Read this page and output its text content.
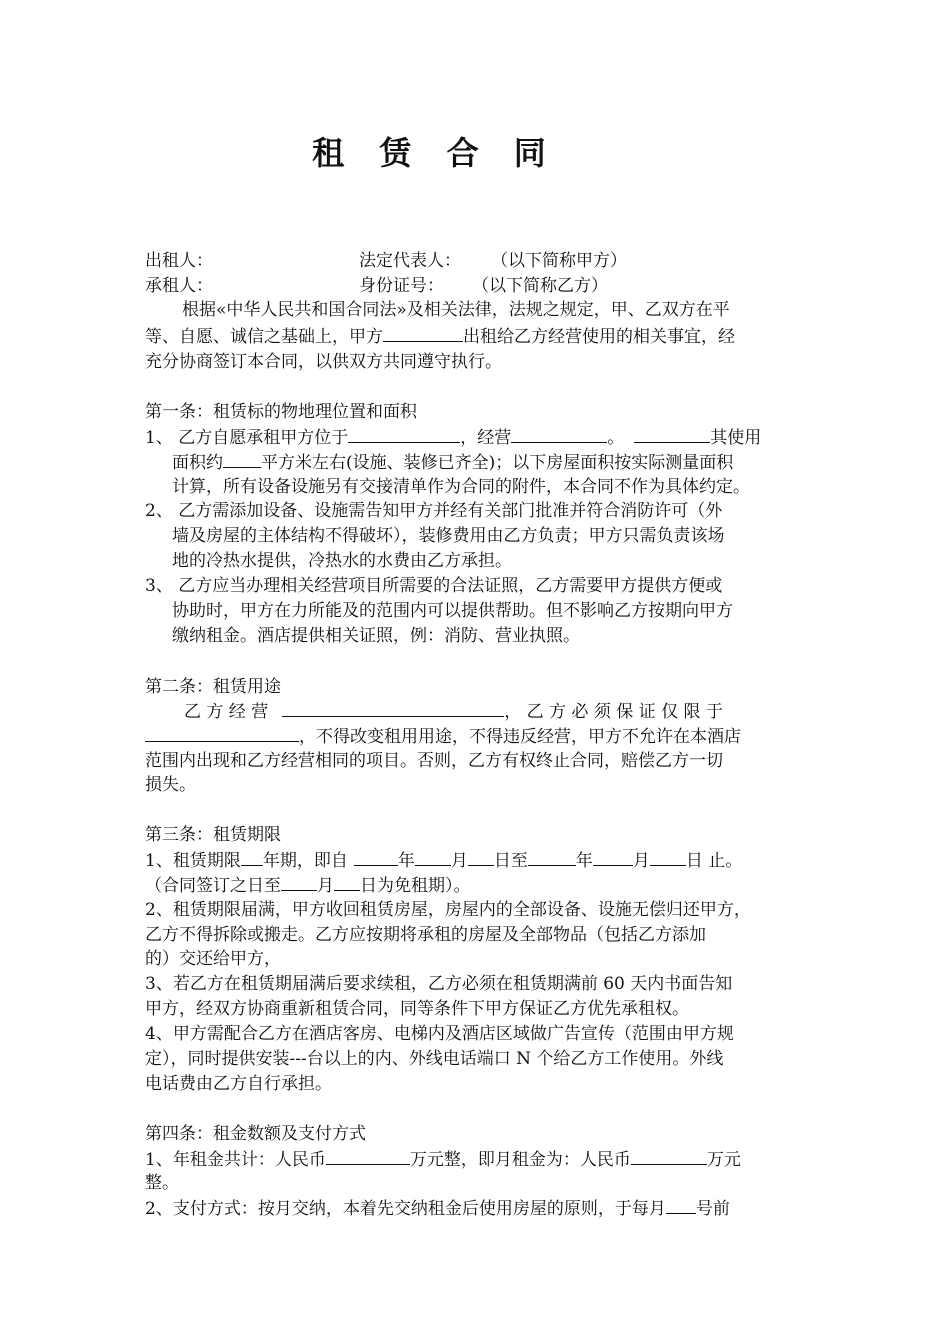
租 赁 合 同
出租人：	法定代表人： （以下简称甲方）
承租人：	身份证号： （以下简称乙方）
根据«中华人民共和国合同法»及相关法律，法规之规定，甲、乙双方在平
等、自愿、诚信之基础上，甲方	出租给乙方经营使用的相关事宜，经
充分协商签订本合同，以供双方共同遵守执行。
第一条：租赁标的物地理位置和面积
1、 乙方自愿承租甲方位于	，经营	。	其使用
面积约 平方米左右(设施、装修已齐全)；以下房屋面积按实际测量面积
计算，所有设备设施另有交接清单作为合同的附件，本合同不作为具体约定。
2、 乙方需添加设备、设施需告知甲方并经有关部门批准并符合消防许可（外
墙及房屋的主体结构不得破坏），装修费用由乙方负责；甲方只需负责该场
地的冷热水提供，冷热水的水费由乙方承担。
3、 乙方应当办理相关经营项目所需要的合法证照，乙方需要甲方提供方便或
协助时，甲方在力所能及的范围内可以提供帮助。但不影响乙方按期向甲方
缴纳租金。酒店提供相关证照，例：消防、营业执照。
第二条：租赁用途
乙 方 经 营	， 乙 方 必 须 保 证 仅 限 于
，不得改变租用用途，不得违反经营，甲方不允许在本酒店
范围内出现和乙方经营相同的项目。否则，乙方有权终止合同，赔偿乙方一切
损失。
第三条：租赁期限
1、租赁期限 年期，即自	年 月 日至	年 月 日 止。
（合同签订之日至 月 日为免租期）。
2、租赁期限届满，甲方收回租赁房屋，房屋内的全部设备、设施无偿归还甲方，
乙方不得拆除或搬走。乙方应按期将承租的房屋及全部物品（包括乙方添加
的）交还给甲方，
3、若乙方在租赁期届满后要求续租，乙方必须在租赁期满前 60 天内书面告知
甲方，经双方协商重新租赁合同，同等条件下甲方保证乙方优先承租权。
4、甲方需配合乙方在酒店客房、电梯内及酒店区域做广告宣传（范围由甲方规
定），同时提供安装---台以上的内、外线电话端口 N 个给乙方工作使用。外线
电话费由乙方自行承担。
第四条：租金数额及支付方式
1、年租金共计：人民币	万元整，即月租金为：人民币	万元
整。
2、支付方式：按月交纳，本着先交纳租金后使用房屋的原则，于每月 号前
